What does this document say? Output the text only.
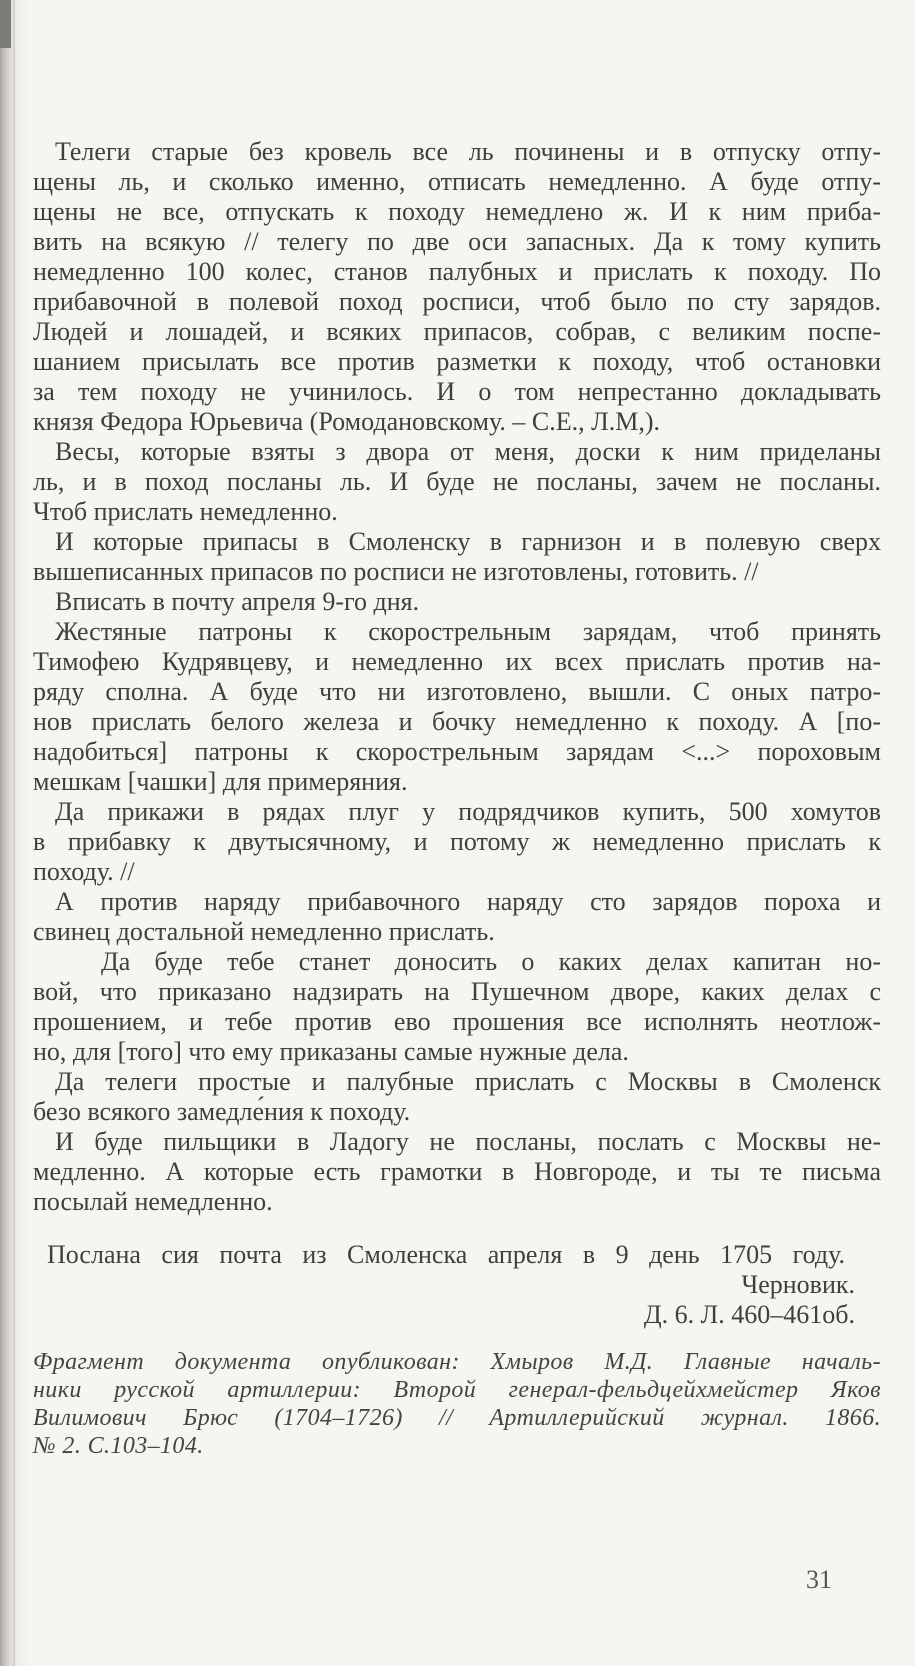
Телеги старые без кровель все ль починены и в отпуску отпу-
щены ль, и сколько именно, отписать немедленно. А буде отпу-
щены не все, отпускать к походу немедлено ж. И к ним приба-
вить на всякую // телегу по две оси запасных. Да к тому купить
немедленно 100 колес, станов палубных и прислать к походу. По
прибавочной в полевой поход росписи, чтоб было по сту зарядов.
Людей и лошадей, и всяких припасов, собрав, с великим поспе-
шанием присылать все против разметки к походу, чтоб остановки
за тем походу не учинилось. И о том непрестанно докладывать
князя Федора Юрьевича (Ромодановскому. – С.Е., Л.М,).
Весы, которые взяты з двора от меня, доски к ним приделаны
ль, и в поход посланы ль. И буде не посланы, зачем не посланы.
Чтоб прислать немедленно.
И которые припасы в Смоленску в гарнизон и в полевую сверх
вышеписанных припасов по росписи не изготовлены, готовить. //
Вписать в почту апреля 9-го дня.
Жестяные патроны к скорострельным зарядам, чтоб принять
Тимофею Кудрявцеву, и немедленно их всех прислать против на-
ряду сполна. А буде что ни изготовлено, вышли. С оных патро-
нов прислать белого железа и бочку немедленно к походу. А [по-
надобиться] патроны к скорострельным зарядам <...> пороховым
мешкам [чашки] для примеряния.
Да прикажи в рядах плуг у подрядчиков купить, 500 хомутов
в прибавку к двутысячному, и потому ж немедленно прислать к
походу. //
А против наряду прибавочного наряду сто зарядов пороха и
свинец достальной немедленно прислать.
Да буде тебе станет доносить о каких делах капитан но-
вой, что приказано надзирать на Пушечном дворе, каких делах с
прошением, и тебе против ево прошения все исполнять неотлож-
но, для [того] что ему приказаны самые нужные дела.
Да телеги простые и палубные прислать с Москвы в Смоленск
безо всякого замедле́ния к походу.
И буде пильщики в Ладогу не посланы, послать с Москвы не-
медленно. А которые есть грамотки в Новгороде, и ты те письма
посылай немедленно.
Послана сия почта из Смоленска апреля в 9 день 1705 году.
Черновик.
Д. 6. Л. 460–461об.
Фрагмент документа опубликован: Хмыров М.Д. Главные началь-
ники русской артиллерии: Второй генерал-фельдцейхмейстер Яков
Вилимович Брюс (1704–1726) // Артиллерийский журнал. 1866.
№ 2. С.103–104.
31
